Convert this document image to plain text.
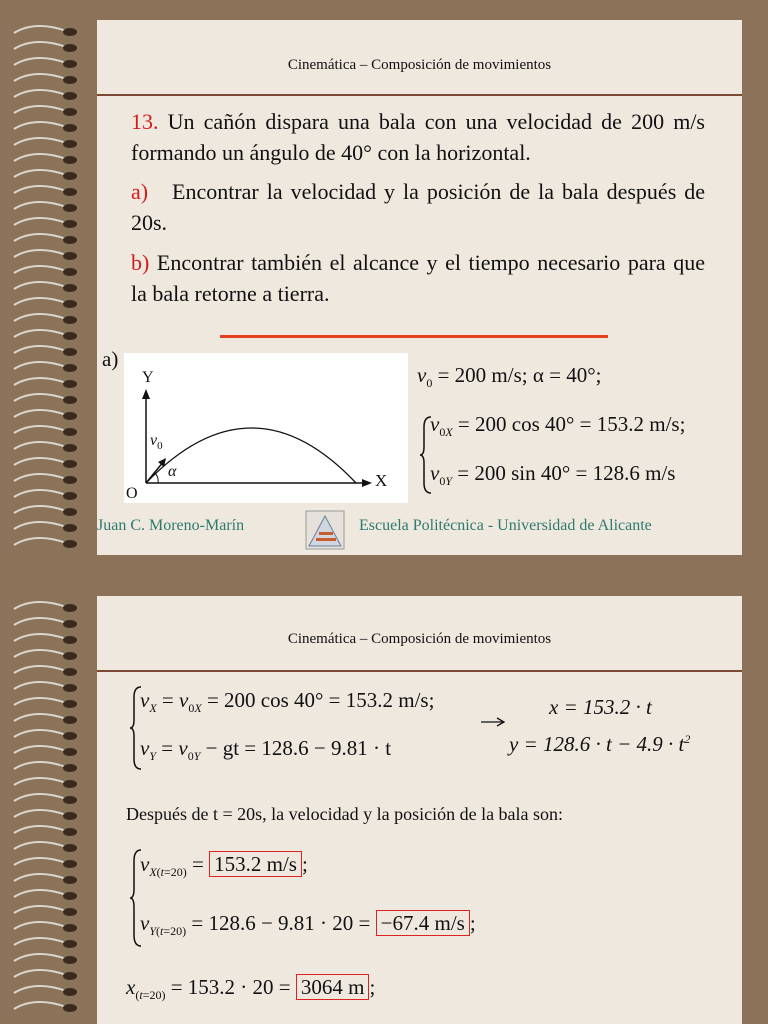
Cinemática – Composición de movimientos
13. Un cañón dispara una bala con una velocidad de 200 m/s formando un ángulo de 40° con la horizontal.
a) Encontrar la velocidad y la posición de la bala después de 20s.
b) Encontrar también el alcance y el tiempo necesario para que la bala retorne a tierra.
a)
Y
X
O
$v_0$
α
$v_0 = 200$ m/s; α = 40°;
$v_{0X} = 200$ cos 40° = 153.2 m/s;
$v_{0Y} = 200$ sin 40° = 128.6 m/s
Juan C. Moreno-Marín	Escuela Politécnica - Universidad de Alicante
Cinemática – Composición de movimientos
$v_X = v_{0X} = 200$ cos 40° = 153.2 m/s;
$v_Y = v_{0Y}$ − gt = 128.6 − 9.81 · t
x = 153.2 · t
$y = 128.6 \cdot t - 4.9 \cdot t^2$
Después de t = 20s, la velocidad y la posición de la bala son:
$v_{X(t=20)} = 153.2$ m/s ;
$v_{Y(t=20)} = 128.6 - 9.81 \cdot 20 = -67.4$ m/s ;
$x_{(t=20)} = 153.2 \cdot 20 = 3064$ m ;
